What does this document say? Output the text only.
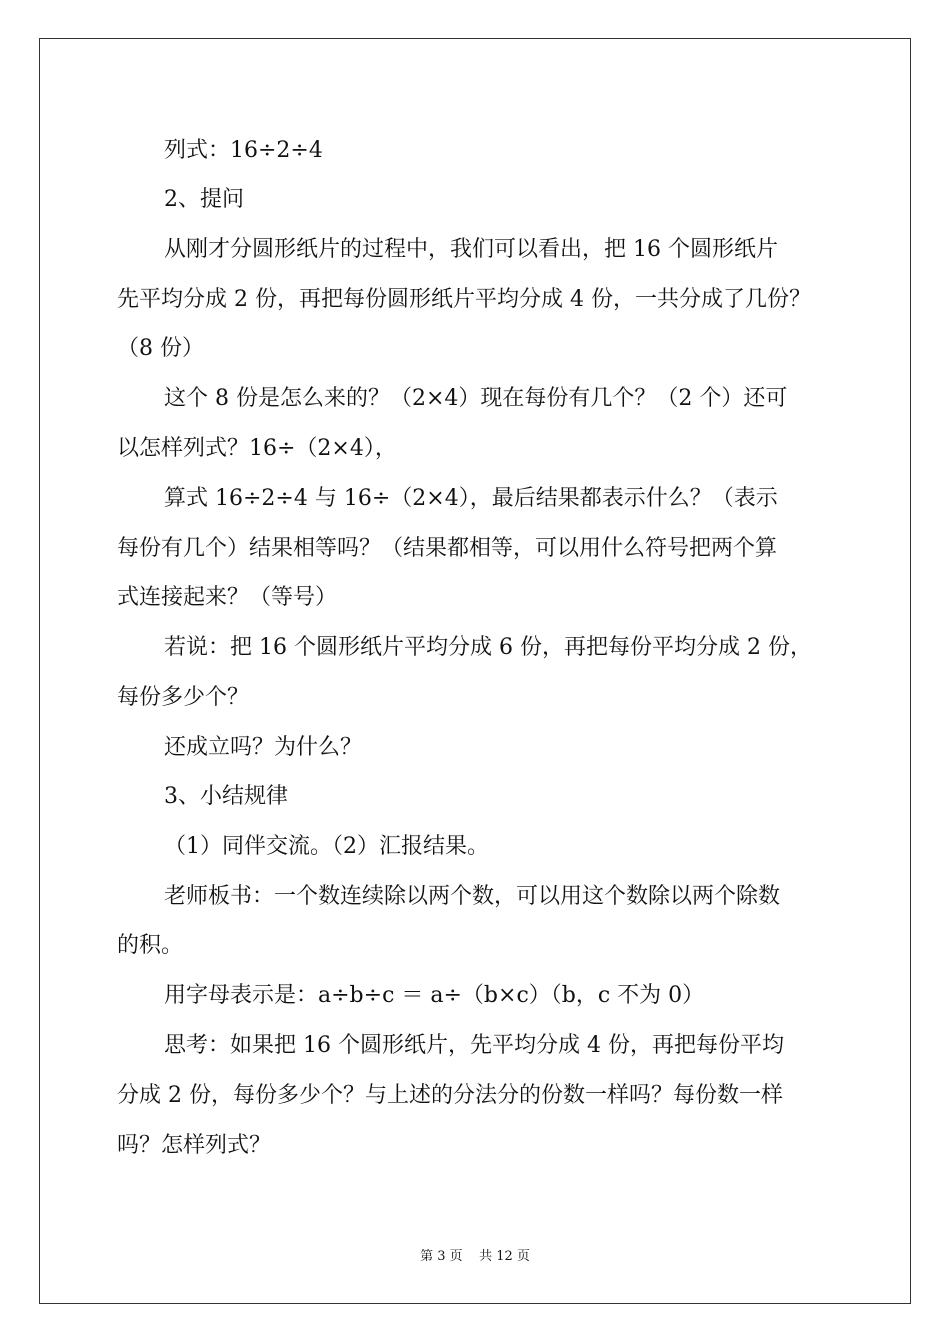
列式：16÷2÷4
2、提问
从刚才分圆形纸片的过程中，我们可以看出，把 16 个圆形纸片
先平均分成 2 份，再把每份圆形纸片平均分成 4 份，一共分成了几份？
（8 份）
这个 8 份是怎么来的？（2×4）现在每份有几个？（2 个）还可
以怎样列式？16÷（2×4），
算式 16÷2÷4 与 16÷（2×4），最后结果都表示什么？（表示
每份有几个）结果相等吗？（结果都相等，可以用什么符号把两个算
式连接起来？（等号）
若说：把 16 个圆形纸片平均分成 6 份，再把每份平均分成 2 份，
每份多少个？
还成立吗？为什么？
3、小结规律
（1）同伴交流。（2）汇报结果。
老师板书：一个数连续除以两个数，可以用这个数除以两个除数
的积。
用字母表示是：a÷b÷c ＝ a÷（b×c）（b，c 不为 0）
思考：如果把 16 个圆形纸片，先平均分成 4 份，再把每份平均
分成 2 份，每份多少个？与上述的分法分的份数一样吗？每份数一样
吗？怎样列式？
第 3 页    共 12 页
